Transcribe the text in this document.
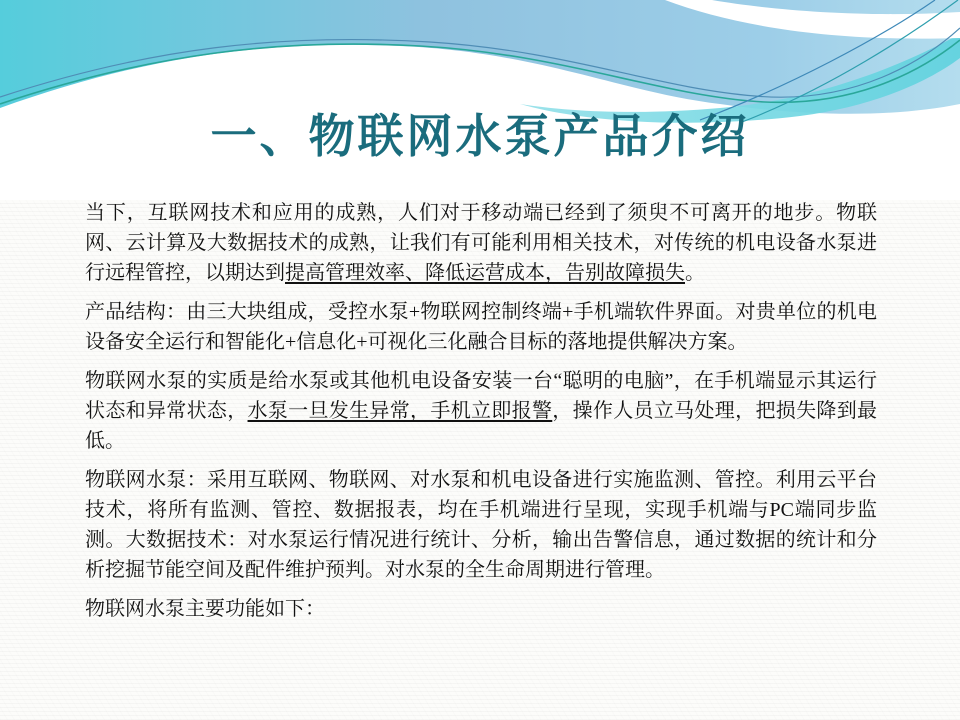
一、物联网水泵产品介绍

当下，互联网技术和应用的成熟，人们对于移动端已经到了须臾不可离开的地步。物联网、云计算及大数据技术的成熟，让我们有可能利用相关技术，对传统的机电设备水泵进行远程管控，以期达到提高管理效率、降低运营成本，告别故障损失。

产品结构：由三大块组成，受控水泵+物联网控制终端+手机端软件界面。对贵单位的机电设备安全运行和智能化+信息化+可视化三化融合目标的落地提供解决方案。

物联网水泵的实质是给水泵或其他机电设备安装一台“聪明的电脑”，在手机端显示其运行状态和异常状态，水泵一旦发生异常，手机立即报警，操作人员立马处理，把损失降到最低。

物联网水泵：采用互联网、物联网、对水泵和机电设备进行实施监测、管控。利用云平台技术，将所有监测、管控、数据报表，均在手机端进行呈现，实现手机端与PC端同步监测。大数据技术：对水泵运行情况进行统计、分析，输出告警信息，通过数据的统计和分析挖掘节能空间及配件维护预判。对水泵的全生命周期进行管理。

物联网水泵主要功能如下：
